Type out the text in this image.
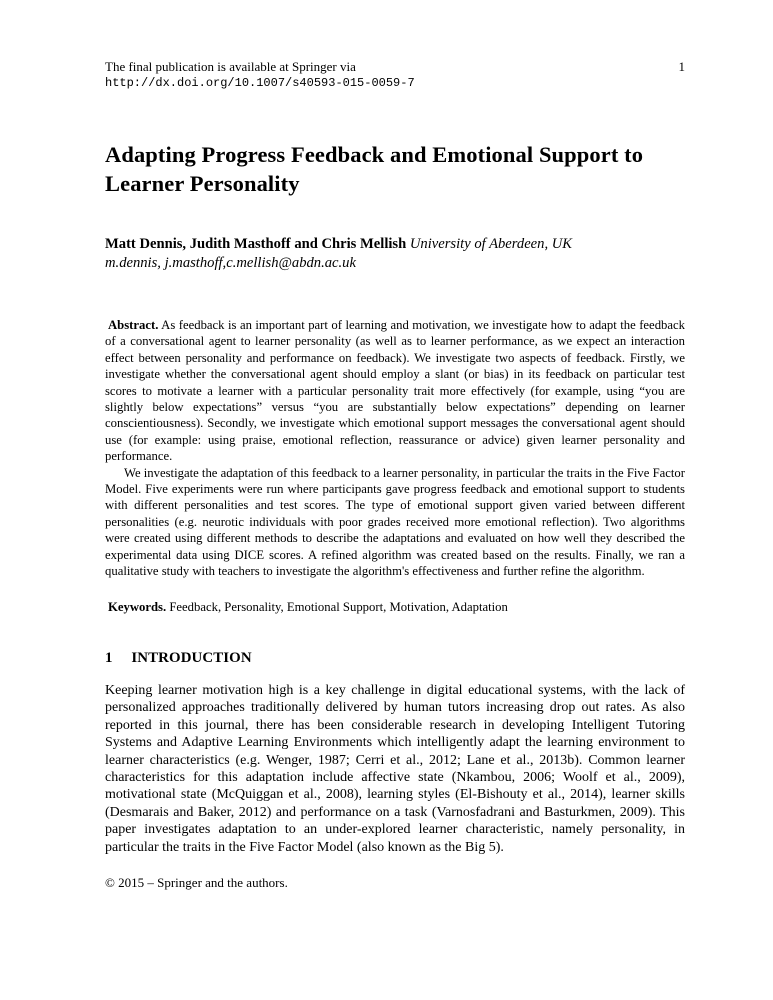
The final publication is available at Springer via
http://dx.doi.org/10.1007/s40593-015-0059-7
1
Adapting Progress Feedback and Emotional Support to Learner Personality
Matt Dennis, Judith Masthoff and Chris Mellish University of Aberdeen, UK
m.dennis, j.masthoff,c.mellish@abdn.ac.uk

Abstract. As feedback is an important part of learning and motivation, we investigate how to adapt the feedback of a conversational agent to learner personality (as well as to learner performance, as we expect an interaction effect between personality and performance on feedback). We investigate two aspects of feedback. Firstly, we investigate whether the conversational agent should employ a slant (or bias) in its feedback on particular test scores to motivate a learner with a particular personality trait more effectively (for example, using “you are slightly below expectations” versus “you are substantially below expectations” depending on learner conscientiousness). Secondly, we investigate which emotional support messages the conversational agent should use (for example: using praise, emotional reflection, reassurance or advice) given learner personality and performance.

We investigate the adaptation of this feedback to a learner personality, in particular the traits in the Five Factor Model. Five experiments were run where participants gave progress feedback and emotional support to students with different personalities and test scores. The type of emotional support given varied between different personalities (e.g. neurotic individuals with poor grades received more emotional reflection). Two algorithms were created using different methods to describe the adaptations and evaluated on how well they described the experimental data using DICE scores. A refined algorithm was created based on the results. Finally, we ran a qualitative study with teachers to investigate the algorithm's effectiveness and further refine the algorithm.

Keywords. Feedback, Personality, Emotional Support, Motivation, Adaptation
1 INTRODUCTION

Keeping learner motivation high is a key challenge in digital educational systems, with the lack of personalized approaches traditionally delivered by human tutors increasing drop out rates. As also reported in this journal, there has been considerable research in developing Intelligent Tutoring Systems and Adaptive Learning Environments which intelligently adapt the learning environment to learner characteristics (e.g. Wenger, 1987; Cerri et al., 2012; Lane et al., 2013b). Common learner characteristics for this adaptation include affective state (Nkambou, 2006; Woolf et al., 2009), motivational state (McQuiggan et al., 2008), learning styles (El-Bishouty et al., 2014), learner skills (Desmarais and Baker, 2012) and performance on a task (Varnosfadrani and Basturkmen, 2009). This paper investigates adaptation to an under-explored learner characteristic, namely personality, in particular the traits in the Five Factor Model (also known as the Big 5).

© 2015 – Springer and the authors.
